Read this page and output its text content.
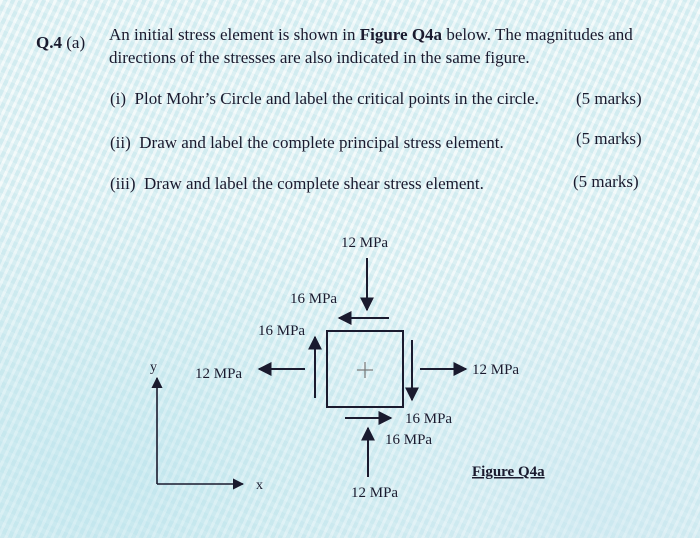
Q.4 (a) An initial stress element is shown in Figure Q4a below. The magnitudes and
directions of the stresses are also indicated in the same figure.
(i) Plot Mohr’s Circle and label the critical points in the circle. (5 marks)
(ii) Draw and label the complete principal stress element.	(5 marks)
(iii) Draw and label the complete shear stress element.	(5 marks)
12 MPa
16 MPa
16 MPa
12 MPa	12 MPa
16 MPa
16 MPa
12 MPa
y
x
Figure Q4a
